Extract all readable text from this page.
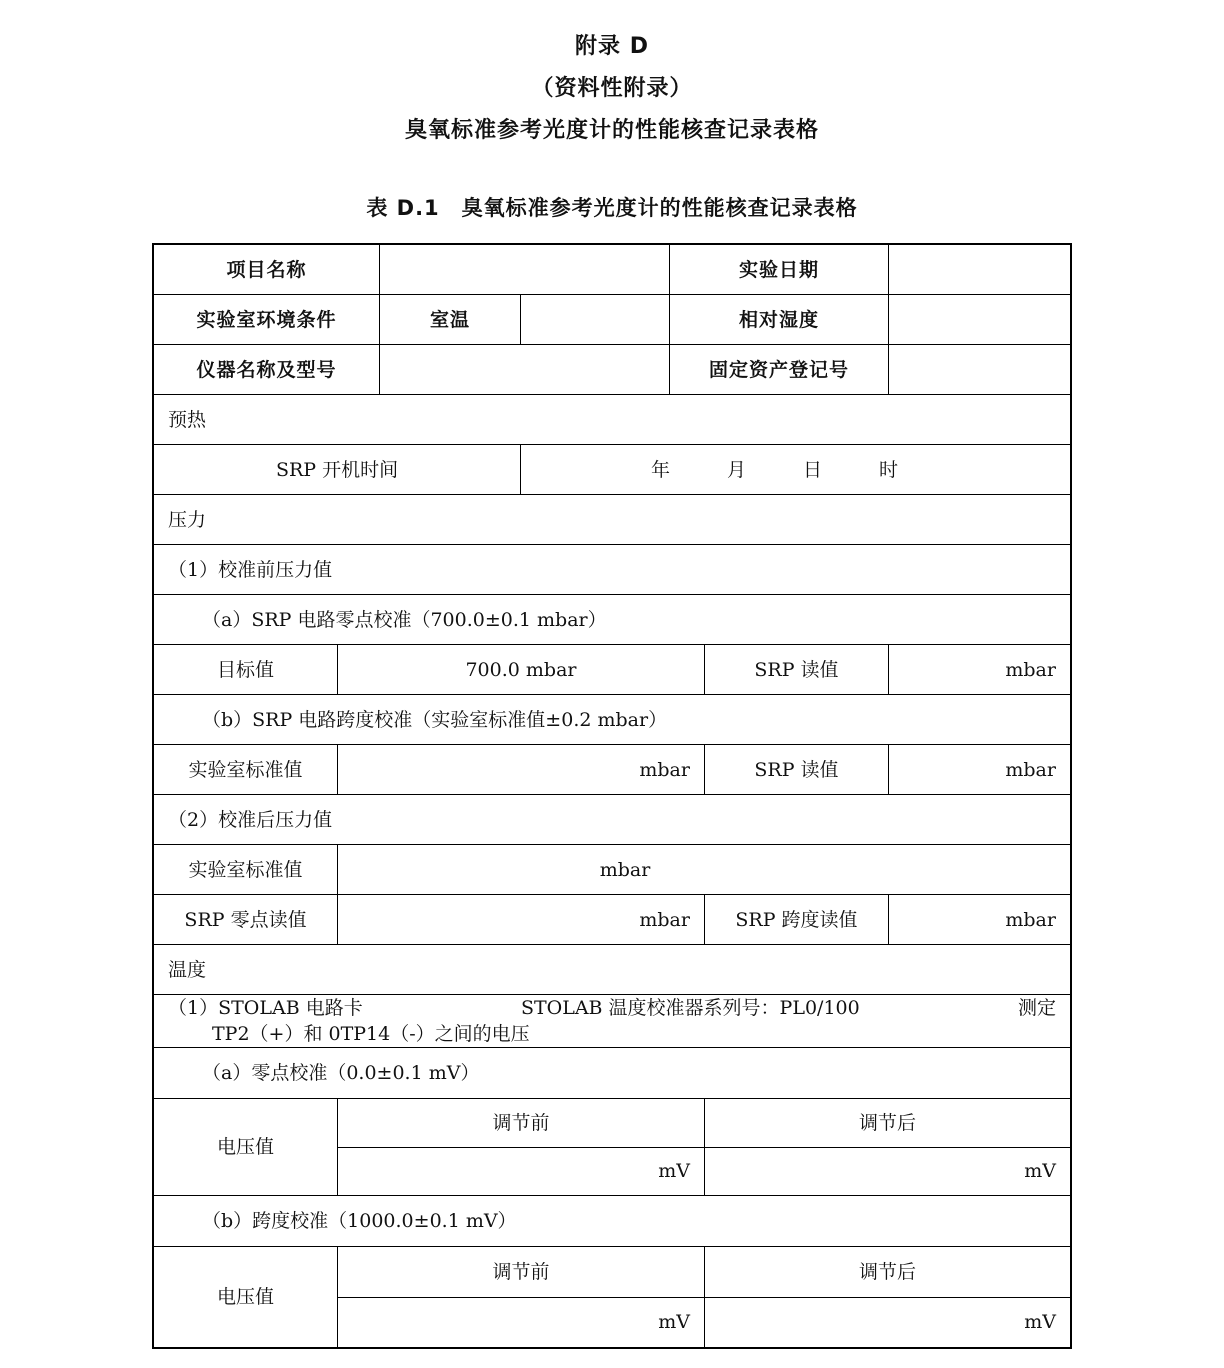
附录 D
（资料性附录）
臭氧标准参考光度计的性能核查记录表格
表 D.1　臭氧标准参考光度计的性能核查记录表格
项目名称	实验日期
实验室环境条件	室温	相对湿度
仪器名称及型号	固定资产登记号
预热
SRP 开机时间	年　　　月　　　日　　　时
压力
（1）校准前压力值
（a）SRP 电路零点校准（700.0±0.1 mbar）
目标值	700.0 mbar	SRP 读值	mbar
（b）SRP 电路跨度校准（实验室标准值±0.2 mbar）
实验室标准值	mbar	SRP 读值	mbar
（2）校准后压力值
实验室标准值	mbar
SRP 零点读值	mbar	SRP 跨度读值	mbar
温度
（1）STOLAB 电路卡	STOLAB 温度校准器系列号：PL0/100	测定
TP2（+）和 0TP14（-）之间的电压
（a）零点校准（0.0±0.1 mV）
电压值
调节前	调节后
mV	mV
（b）跨度校准（1000.0±0.1 mV）
电压值
调节前	调节后
mV	mV
